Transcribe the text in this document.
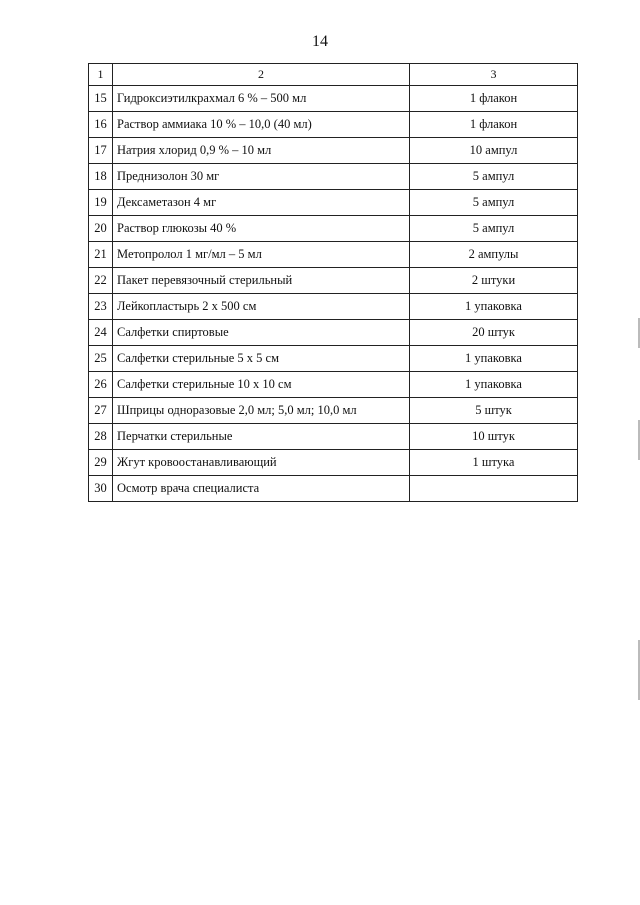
14
1	2	3
15	Гидроксиэтилкрахмал 6 % – 500 мл	1 флакон
16	Раствор аммиака 10 % – 10,0 (40 мл)	1 флакон
17	Натрия хлорид 0,9 % – 10 мл	10 ампул
18	Преднизолон 30 мг	5 ампул
19	Дексаметазон 4 мг	5 ампул
20	Раствор глюкозы 40 %	5 ампул
21	Метопролол 1 мг/мл – 5 мл	2 ампулы
22	Пакет перевязочный стерильный	2 штуки
23	Лейкопластырь 2 х 500 см	1 упаковка
24	Салфетки спиртовые	20 штук
25	Салфетки стерильные 5 х 5 см	1 упаковка
26	Салфетки стерильные 10 х 10 см	1 упаковка
27	Шприцы одноразовые 2,0 мл; 5,0 мл; 10,0 мл	5 штук
28	Перчатки стерильные	10 штук
29	Жгут кровоостанавливающий	1 штука
30	Осмотр врача специалиста	
